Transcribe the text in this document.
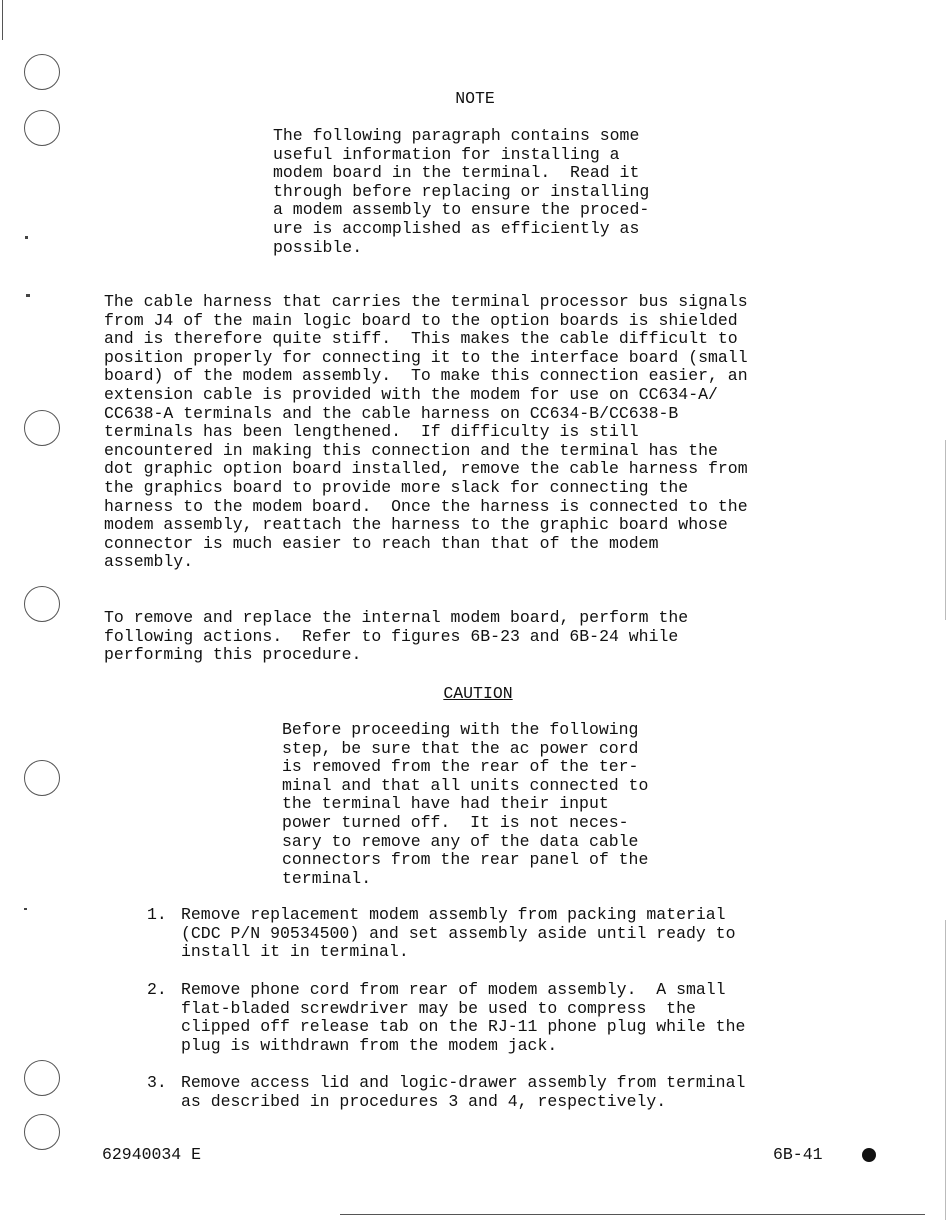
NOTE
The following paragraph contains some
useful information for installing a
modem board in the terminal.  Read it
through before replacing or installing
a modem assembly to ensure the proced-
ure is accomplished as efficiently as
possible.
The cable harness that carries the terminal processor bus signals
from J4 of the main logic board to the option boards is shielded
and is therefore quite stiff.  This makes the cable difficult to
position properly for connecting it to the interface board (small
board) of the modem assembly.  To make this connection easier, an
extension cable is provided with the modem for use on CC634-A/
CC638-A terminals and the cable harness on CC634-B/CC638-B
terminals has been lengthened.  If difficulty is still
encountered in making this connection and the terminal has the
dot graphic option board installed, remove the cable harness from
the graphics board to provide more slack for connecting the
harness to the modem board.  Once the harness is connected to the
modem assembly, reattach the harness to the graphic board whose
connector is much easier to reach than that of the modem
assembly.
To remove and replace the internal modem board, perform the
following actions.  Refer to figures 6B-23 and 6B-24 while
performing this procedure.
CAUTION
Before proceeding with the following
step, be sure that the ac power cord
is removed from the rear of the ter-
minal and that all units connected to
the terminal have had their input
power turned off.  It is not neces-
sary to remove any of the data cable
connectors from the rear panel of the
terminal.
1. Remove replacement modem assembly from packing material
(CDC P/N 90534500) and set assembly aside until ready to
install it in terminal.
2. Remove phone cord from rear of modem assembly.  A small
flat-bladed screwdriver may be used to compress  the
clipped off release tab on the RJ-11 phone plug while the
plug is withdrawn from the modem jack.
3. Remove access lid and logic-drawer assembly from terminal
as described in procedures 3 and 4, respectively.
62940034 E	6B-41
